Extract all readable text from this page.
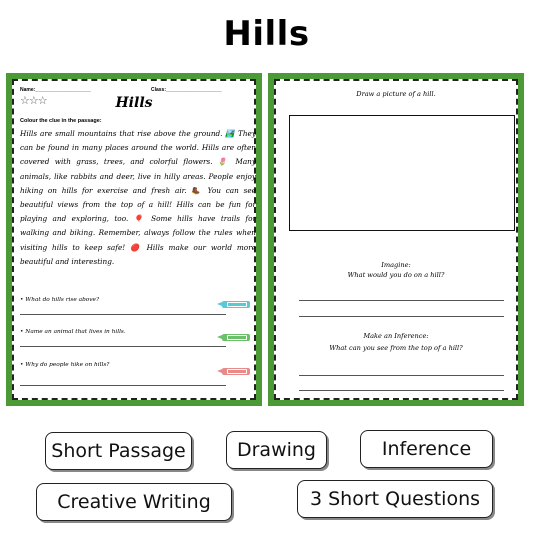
Hills
Name:____________________	Class:____________________
☆☆☆	Hills
Colour the clue in the passage:
Hills are small mountains that rise above the ground. 🏞️ They can be found in many places around the world. Hills are often covered with grass, trees, and colorful flowers. 🌷 Many animals, like rabbits and deer, live in hilly areas. People enjoy hiking on hills for exercise and fresh air. 🥾 You can see beautiful views from the top of a hill! Hills can be fun for playing and exploring, too. 🎈 Some hills have trails for walking and biking. Remember, always follow the rules when visiting hills to keep safe! 🔴 Hills make our world more beautiful and interesting.
• What do hills rise above?
• Name an animal that lives in hills.
• Why do people hike on hills?
Draw a picture of a hill.
Imagine:
What would you do on a hill?
Make an Inference:
What can you see from the top of a hill?
Short Passage	Drawing	Inference
Creative Writing	3 Short Questions
